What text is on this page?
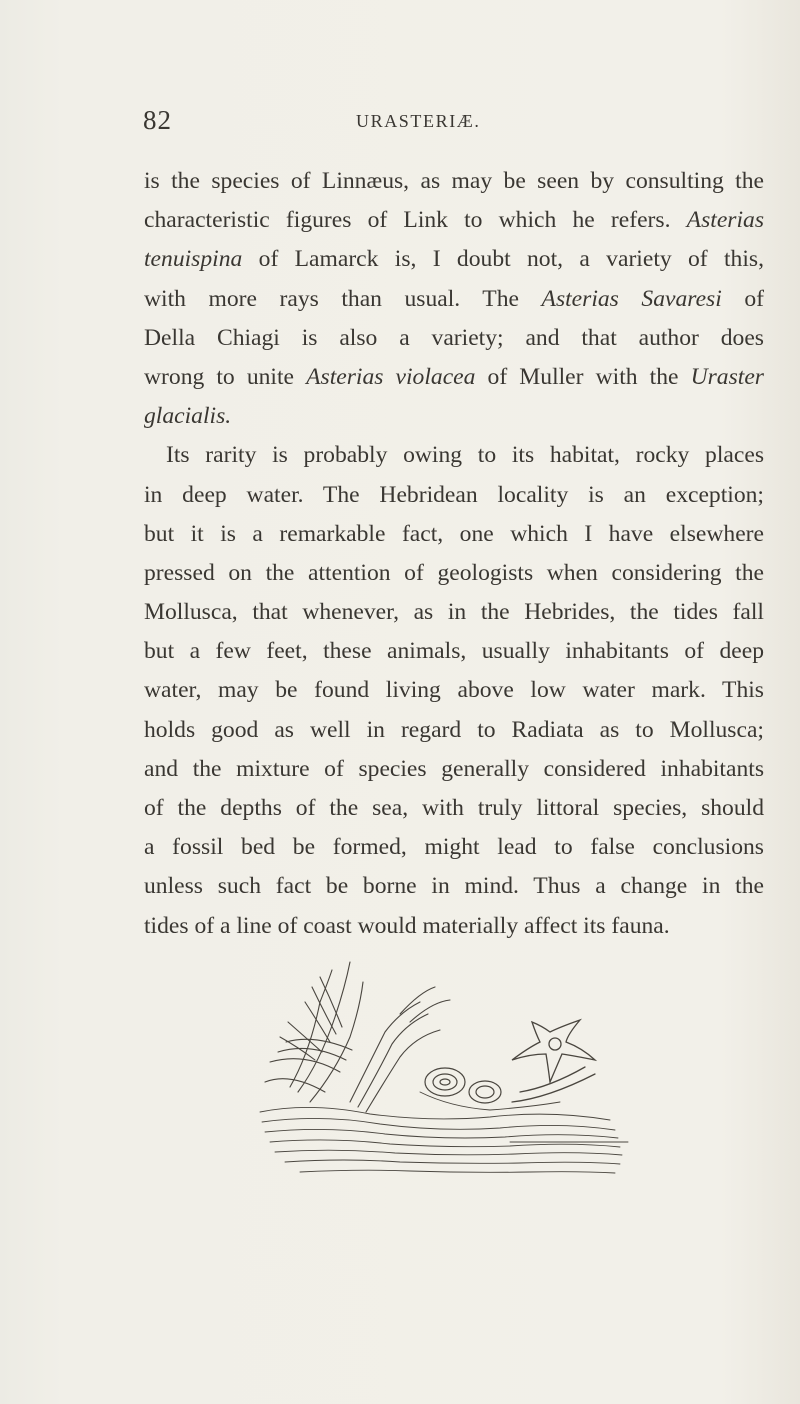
82	URASTERIÆ.
is the species of Linnæus, as may be seen by consulting the
characteristic figures of Link to which he refers. Asterias
tenuispina of Lamarck is, I doubt not, a variety of this,
with more rays than usual. The Asterias Savaresi of
Della Chiagi is also a variety; and that author does
wrong to unite Asterias violacea of Muller with the Uraster
glacialis.
Its rarity is probably owing to its habitat, rocky places
in deep water. The Hebridean locality is an exception;
but it is a remarkable fact, one which I have elsewhere
pressed on the attention of geologists when considering the
Mollusca, that whenever, as in the Hebrides, the tides fall
but a few feet, these animals, usually inhabitants of deep
water, may be found living above low water mark. This
holds good as well in regard to Radiata as to Mollusca;
and the mixture of species generally considered inhabitants
of the depths of the sea, with truly littoral species, should
a fossil bed be formed, might lead to false conclusions
unless such fact be borne in mind. Thus a change in the
tides of a line of coast would materially affect its fauna.
